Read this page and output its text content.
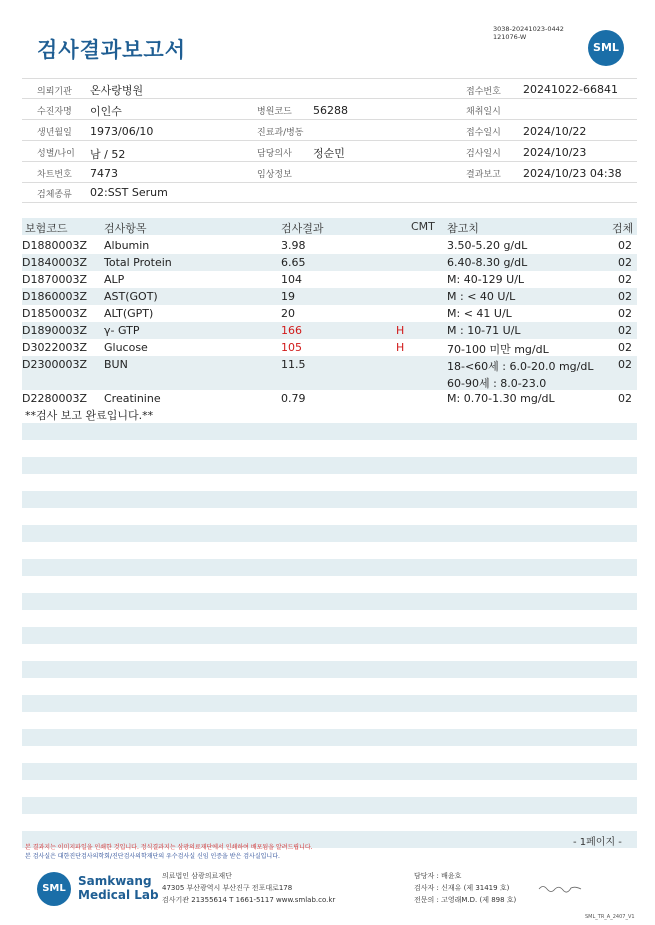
검사결과보고서
3038-20241023-0442
121076-W
SML
의뢰기관 온사랑병원	접수번호 20241022-66841
수진자명 이인수	병원코드 56288	채취일시
생년월일 1973/06/10	진료과/병동	접수일시 2024/10/22
성별/나이 남 / 52	담당의사 정순민	검사일시 2024/10/23
차트번호 7473	임상정보	결과보고 2024/10/23 04:38
검체종류 02:SST Serum
보험코드	검사항목	검사결과	CMT 참고치	검체
D1880003Z Albumin	3.98	3.50-5.20 g/dL	02
D1840003Z Total Protein	6.65	6.40-8.30 g/dL	02
D1870003Z ALP	104	M: 40-129 U/L	02
D1860003Z AST(GOT)	19	M : < 40 U/L	02
D1850003Z ALT(GPT)	20	M: < 41 U/L	02
D1890003Z γ- GTP	166	H	M : 10-71 U/L	02
D3022003Z Glucose	105	H	70-100 미만 mg/dL	02
D2300003Z BUN	11.5	18-<60세 : 6.0-20.0 mg/dL 02
60-90세 : 8.0-23.0
D2280003Z Creatinine	0.79	M: 0.70-1.30 mg/dL	02
**검사 보고 완료입니다.**
본 결과지는 이미지파일을 인쇄한 것입니다. 정식결과지는 삼광의료재단에서 인쇄하여 배포됨을 알려드립니다.
본 검사실은 대한진단검사의학회/진단검사의학재단의 우수검사실 신임 인증을 받은 검사실입니다.
- 1페이지 -
SML
Samkwang
Medical Lab
의료법인 삼광의료재단
47305 부산광역시 부산진구 전포대로178
검사기관 21355614 T 1661-5117 www.smlab.co.kr
담당자 : 배윤호
검사자 : 신재유 (제 31419 호)
전문의 : 고영래M.D. (제 898 호)
SML_TR_A_2407_V1
